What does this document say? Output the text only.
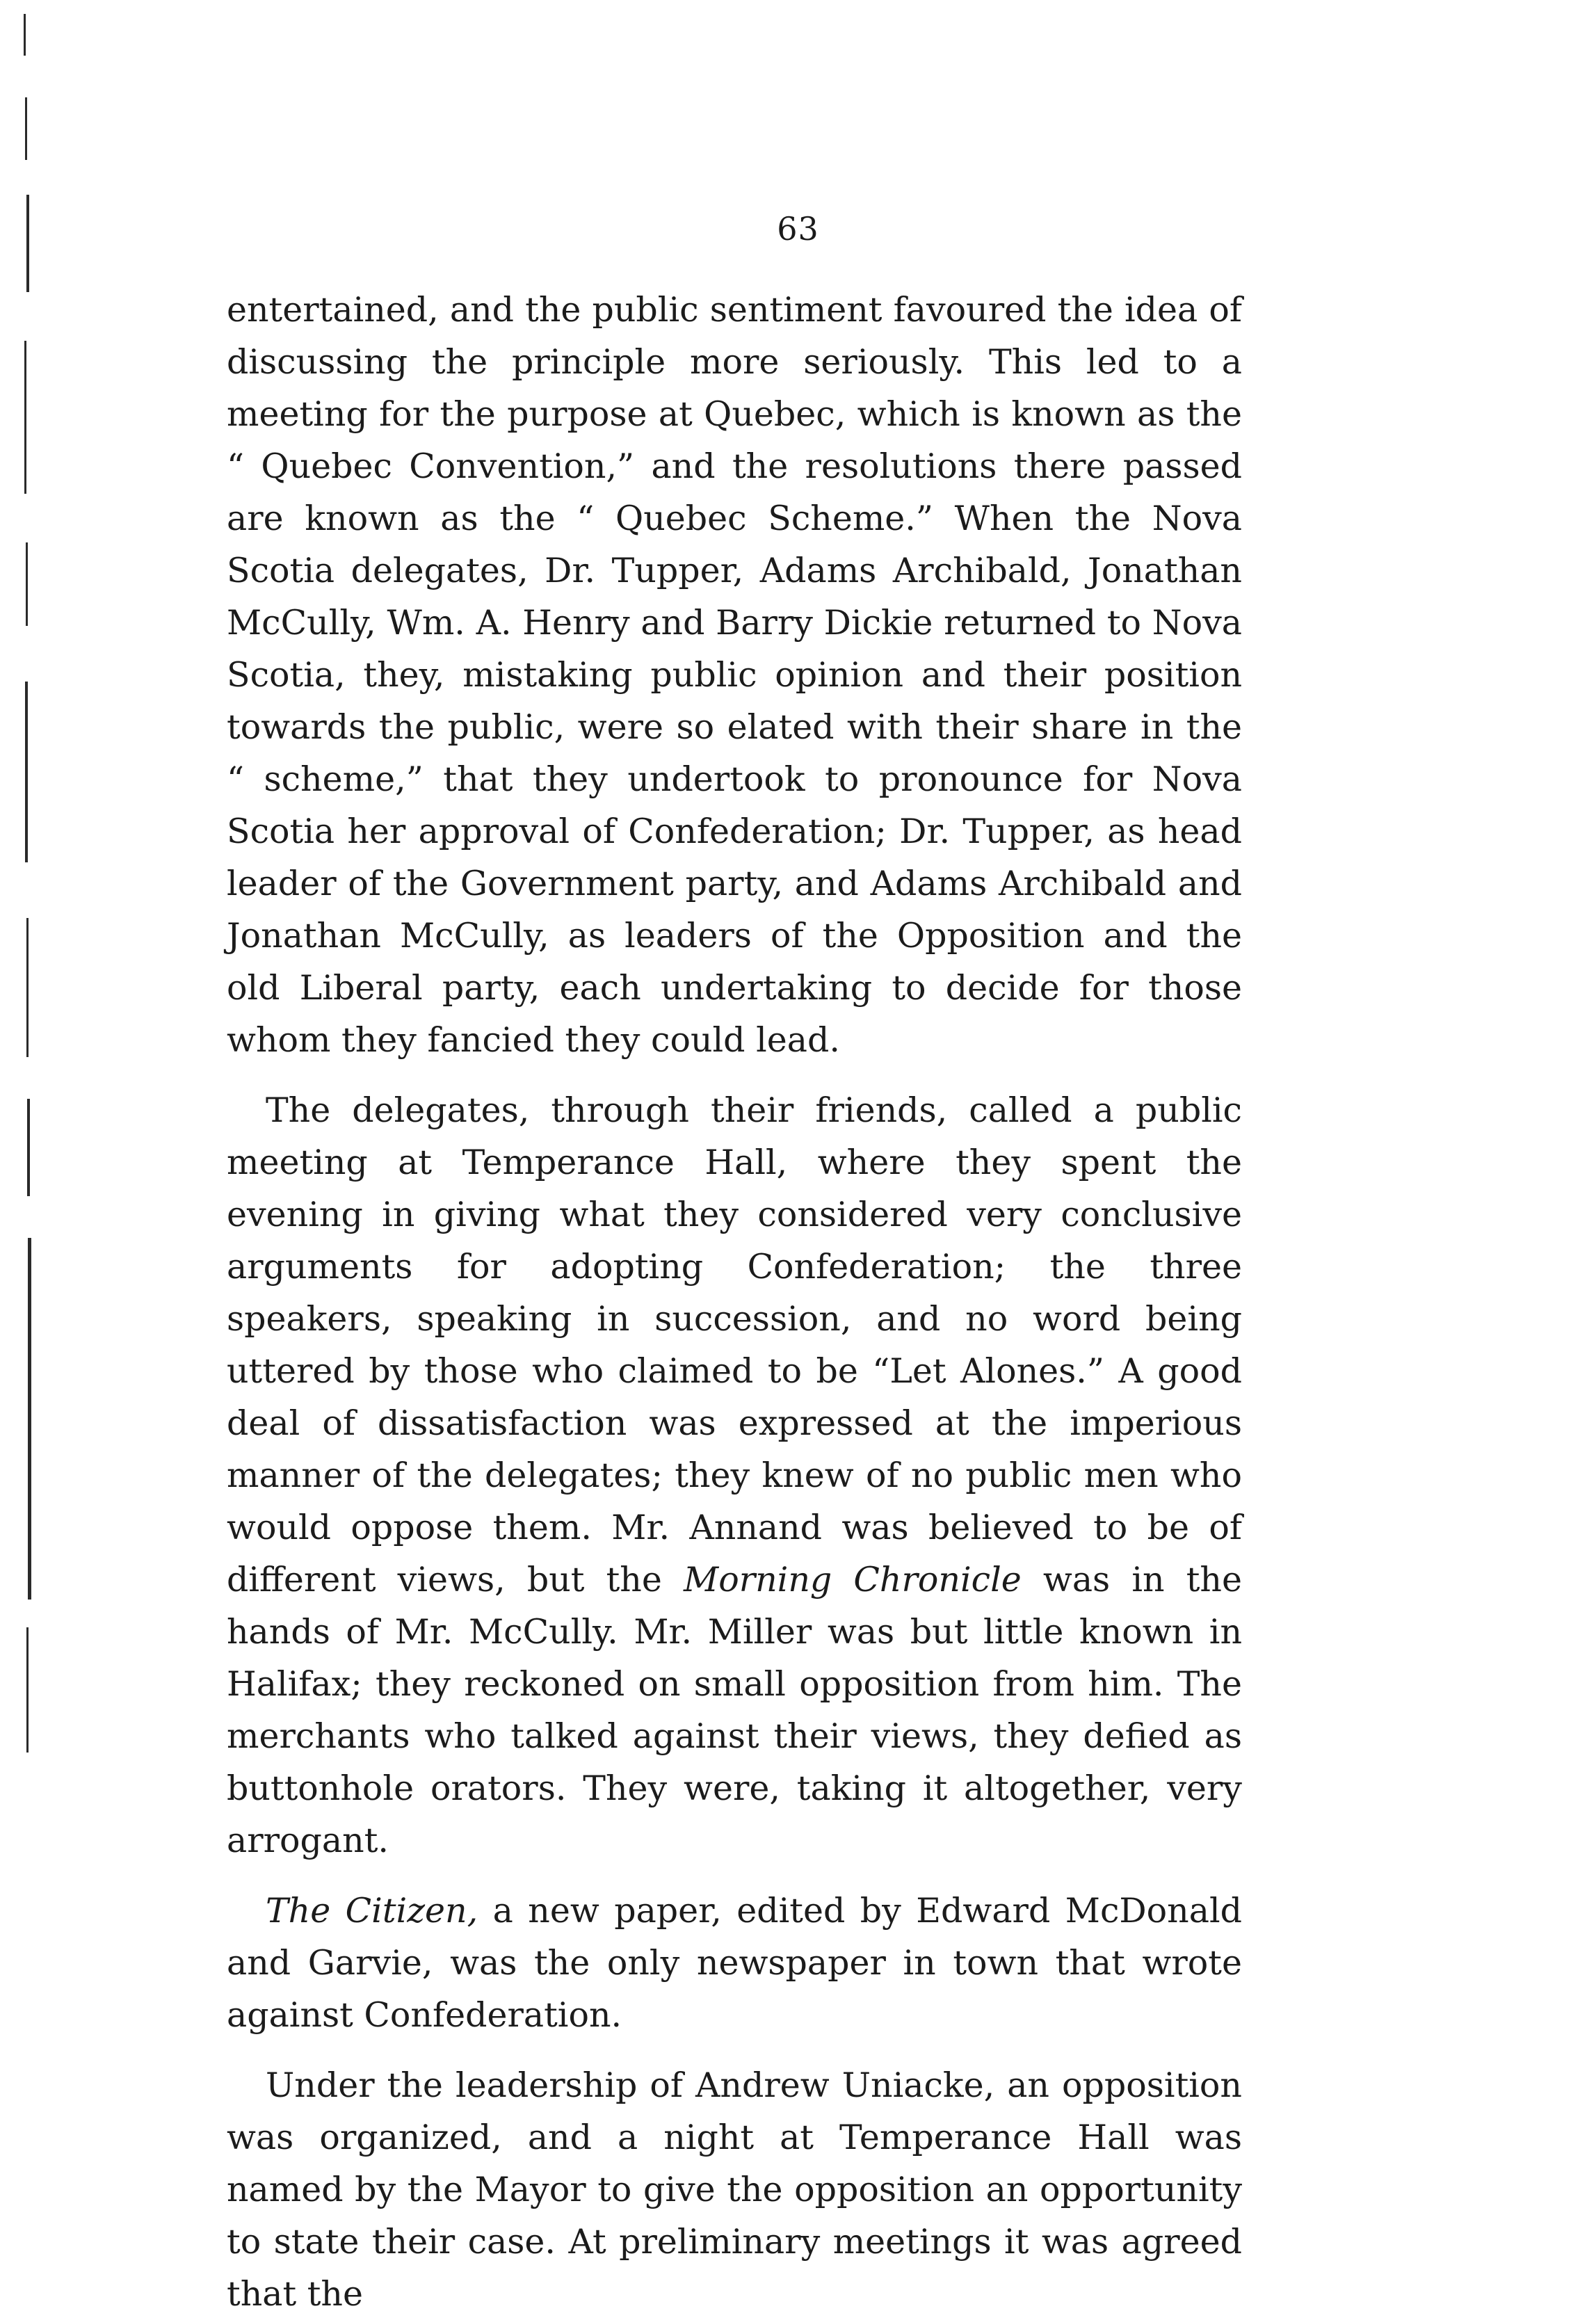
63

entertained, and the public sentiment favoured the idea of discussing the principle more seriously. This led to a meeting for the purpose at Quebec, which is known as the “ Quebec Convention,” and the resolutions there passed are known as the “ Quebec Scheme.” When the Nova Scotia delegates, Dr. Tupper, Adams Archibald, Jonathan McCully, Wm. A. Henry and Barry Dickie returned to Nova Scotia, they, mistaking public opinion and their position towards the public, were so elated with their share in the “ scheme,” that they undertook to pronounce for Nova Scotia her approval of Confederation; Dr. Tupper, as head leader of the Government party, and Adams Archibald and Jonathan McCully, as leaders of the Opposition and the old Liberal party, each undertaking to decide for those whom they fancied they could lead.

The delegates, through their friends, called a public meeting at Temperance Hall, where they spent the evening in giving what they considered very conclusive arguments for adopting Confederation; the three speakers, speaking in succession, and no word being uttered by those who claimed to be “Let Alones.” A good deal of dissatisfaction was expressed at the imperious manner of the delegates; they knew of no public men who would oppose them. Mr. Annand was believed to be of different views, but the Morning Chronicle was in the hands of Mr. McCully. Mr. Miller was but little known in Halifax; they reckoned on small opposition from him. The merchants who talked against their views, they defied as buttonhole orators. They were, taking it altogether, very arrogant.

The Citizen, a new paper, edited by Edward McDonald and Garvie, was the only newspaper in town that wrote against Confederation.

Under the leadership of Andrew Uniacke, an opposition was organized, and a night at Temperance Hall was named by the Mayor to give the opposition an opportunity to state their case. At preliminary meetings it was agreed that the
